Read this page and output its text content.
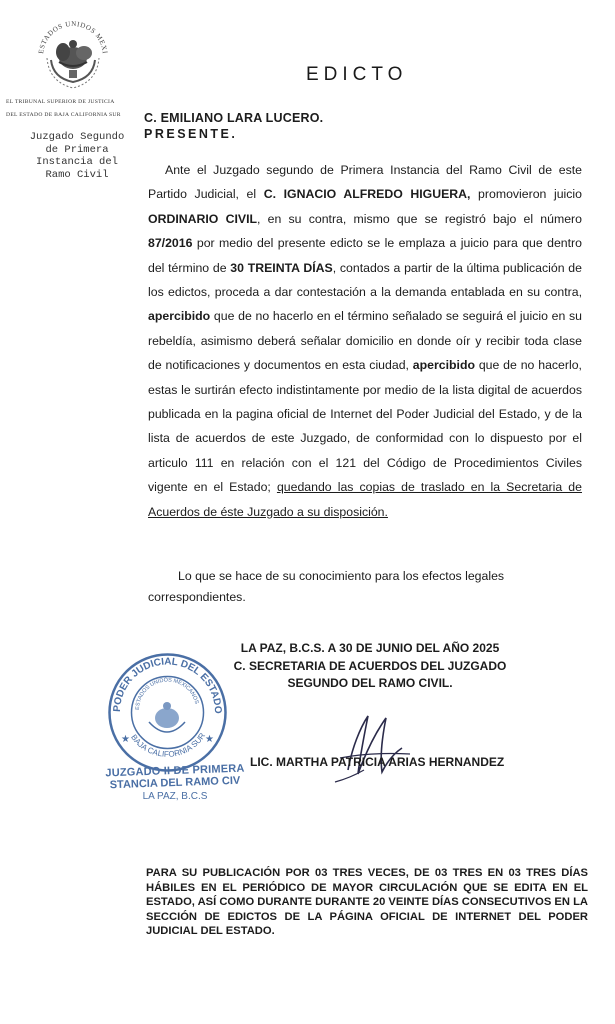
ESTADOS UNIDOS MEXI
EL TRIBUNAL SUPERIOR DE JUSTICIA
DEL ESTADO DE BAJA CALIFORNIA SUR
Juzgado Segundo de Primera Instancia del Ramo Civil
EDICTO
C. EMILIANO LARA LUCERO.
PRESENTE.
Ante el Juzgado segundo de Primera Instancia del Ramo Civil de este Partido Judicial, el C. IGNACIO ALFREDO HIGUERA, promovieron juicio ORDINARIO CIVIL, en su contra, mismo que se registró bajo el número 87/2016 por medio del presente edicto se le emplaza a juicio para que dentro del término de 30 TREINTA DÍAS, contados a partir de la última publicación de los edictos, proceda a dar contestación a la demanda entablada en su contra, apercibido que de no hacerlo en el término señalado se seguirá el juicio en su rebeldía, asimismo deberá señalar domicilio en donde oír y recibir toda clase de notificaciones y documentos en esta ciudad, apercibido que de no hacerlo, estas le surtirán efecto indistintamente por medio de la lista digital de acuerdos publicada en la pagina oficial de Internet del Poder Judicial del Estado, y de la lista de acuerdos de este Juzgado, de conformidad con lo dispuesto por el articulo 111 en relación con el 121 del Código de Procedimientos Civiles vigente en el Estado; quedando las copias de traslado en la Secretaria de Acuerdos de éste Juzgado a su disposición.
Lo que se hace de su conocimiento para los efectos legales
correspondientes.
LA PAZ, B.C.S. A 30 DE JUNIO DEL AÑO 2025
C. SECRETARIA DE ACUERDOS DEL JUZGADO
SEGUNDO DEL RAMO CIVIL.
PODER JUDICIAL DEL ESTADO
BAJA CALIFORNIA SUR
ESTADOS UNIDOS MEXICANOS
★	★
JUZGADO II DE PRIMERA
STANCIA DEL RAMO CIV
LA PAZ, B.C.S
LIC. MARTHA PATRICIA ARIAS HERNANDEZ
PARA SU PUBLICACIÓN POR 03 TRES VECES, DE 03 TRES EN 03 TRES DÍAS HÁBILES EN EL PERIÓDICO DE MAYOR CIRCULACIÓN QUE SE EDITA EN EL ESTADO, ASÍ COMO DURANTE DURANTE 20 VEINTE DÍAS CONSECUTIVOS EN LA SECCIÓN DE EDICTOS DE LA PÁGINA OFICIAL DE INTERNET DEL PODER JUDICIAL DEL ESTADO.
